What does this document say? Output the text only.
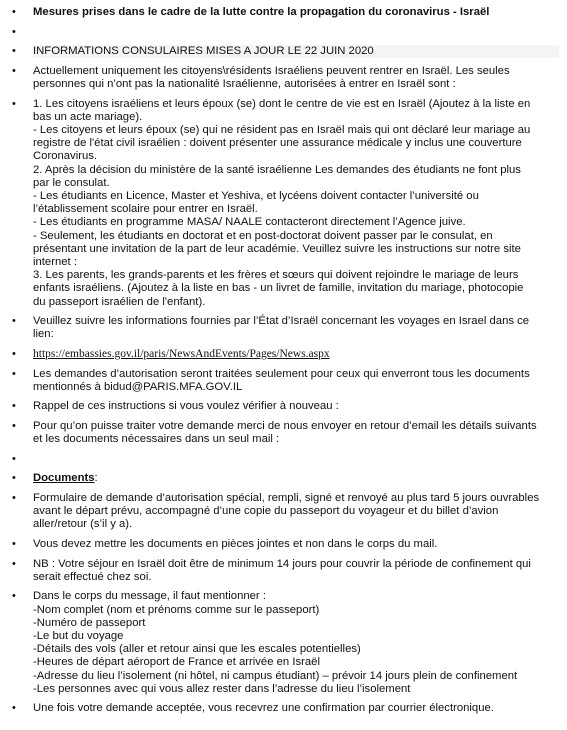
•	Mesures prises dans le cadre de la lutte contre la propagation du coronavirus - Israël
•
•	INFORMATIONS CONSULAIRES MISES A JOUR LE 22 JUIN 2020
•	Actuellement uniquement les citoyens\résidents Israéliens peuvent rentrer en Israël. Les seules
personnes qui n’ont pas la nationalité Israélienne, autorisées à entrer en Israël sont :
•	1. Les citoyens israéliens et leurs époux (se) dont le centre de vie est en Israël (Ajoutez à la liste en
bas un acte mariage).
- Les citoyens et leurs époux (se) qui ne résident pas en Israël mais qui ont déclaré leur mariage au
registre de l'état civil israélien : doivent présenter une assurance médicale y inclus une couverture
Coronavirus.
2. Après la décision du ministère de la santé israélienne Les demandes des étudiants ne font plus
par le consulat.
- Les étudiants en Licence, Master et Yeshiva, et lycéens doivent contacter l’université ou
l’établissement scolaire pour entrer en Israël.
- Les étudiants en programme MASA/ NAALE contacteront directement l’Agence juive.
- Seulement, les étudiants en doctorat et en post-doctorat doivent passer par le consulat, en
présentant une invitation de la part de leur académie. Veuillez suivre les instructions sur notre site
internet :
3. Les parents, les grands-parents et les frères et sœurs qui doivent rejoindre le mariage de leurs
enfants israéliens. (Ajoutez à la liste en bas - un livret de famille, invitation du mariage, photocopie
du passeport israélien de l'enfant).
•	Veuillez suivre les informations fournies par l’État d’Israël concernant les voyages en Israel dans ce
lien:
•	https://embassies.gov.il/paris/NewsAndEvents/Pages/News.aspx
•	Les demandes d’autorisation seront traitées seulement pour ceux qui enverront tous les documents
mentionnés à bidud@PARIS.MFA.GOV.IL
•	Rappel de ces instructions si vous voulez vérifier à nouveau :
•	Pour qu’on puisse traiter votre demande merci de nous envoyer en retour d’email les détails suivants
et les documents nécessaires dans un seul mail :
•
•	Documents:
•	Formulaire de demande d’autorisation spécial, rempli, signé et renvoyé au plus tard 5 jours ouvrables
avant le départ prévu, accompagné d’une copie du passeport du voyageur et du billet d’avion
aller/retour (s’il y a).
•	Vous devez mettre les documents en pièces jointes et non dans le corps du mail.
•	NB : Votre séjour en Israël doit être de minimum 14 jours pour couvrir la période de confinement qui
serait effectué chez soi.
•	Dans le corps du message, il faut mentionner :
-Nom complet (nom et prénoms comme sur le passeport)
-Numéro de passeport
-Le but du voyage
-Détails des vols (aller et retour ainsi que les escales potentielles)
-Heures de départ aéroport de France et arrivée en Israël
-Adresse du lieu l’isolement (ni hôtel, ni campus étudiant) – prévoir 14 jours plein de confinement
-Les personnes avec qui vous allez rester dans l’adresse du lieu l’isolement
•	Une fois votre demande acceptée, vous recevrez une confirmation par courrier électronique.
